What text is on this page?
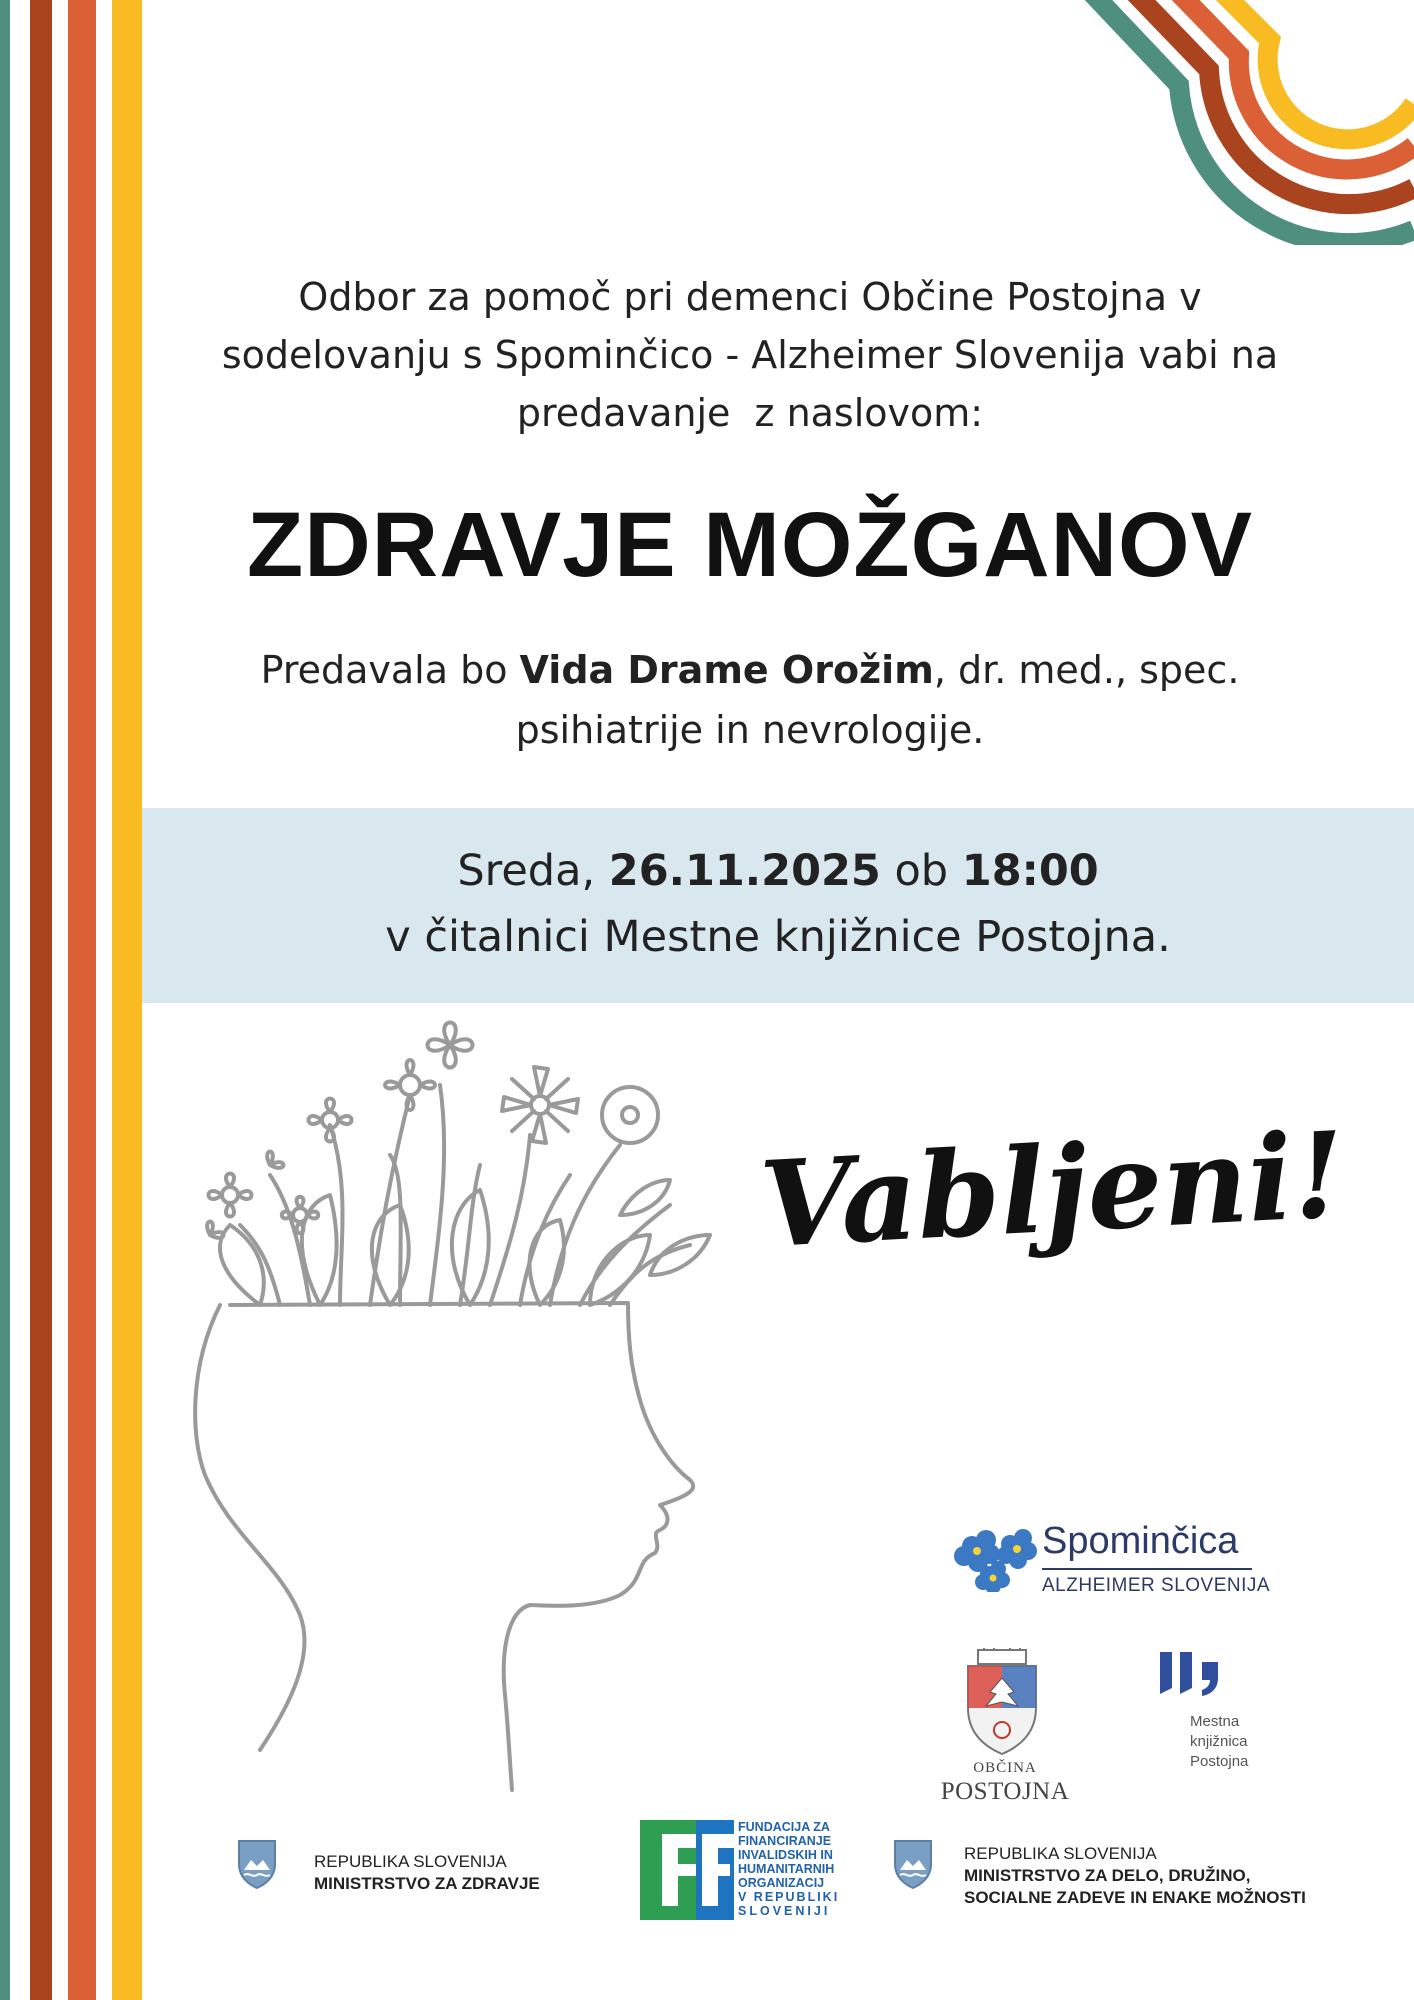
Odbor za pomoč pri demenci Občine Postojna v
sodelovanju s Spominčico - Alzheimer Slovenija vabi na
predavanje  z naslovom:
ZDRAVJE MOŽGANOV
Predavala bo Vida Drame Orožim, dr. med., spec.
psihiatrije in nevrologije.
Sreda, 26.11.2025 ob 18:00
v čitalnici Mestne knjižnice Postojna.
Vabljeni!
Spominčica
ALZHEIMER SLOVENIJA
OBČINA
POSTOJNA
Mestna
knjižnica
Postojna
REPUBLIKA SLOVENIJA
MINISTRSTVO ZA ZDRAVJE
FUNDACIJA ZA
FINANCIRANJE
INVALIDSKIH IN
HUMANITARNIH
ORGANIZACIJ
V REPUBLIKI
SLOVENIJI
REPUBLIKA SLOVENIJA
MINISTRSTVO ZA DELO, DRUŽINO,
SOCIALNE ZADEVE IN ENAKE MOŽNOSTI
